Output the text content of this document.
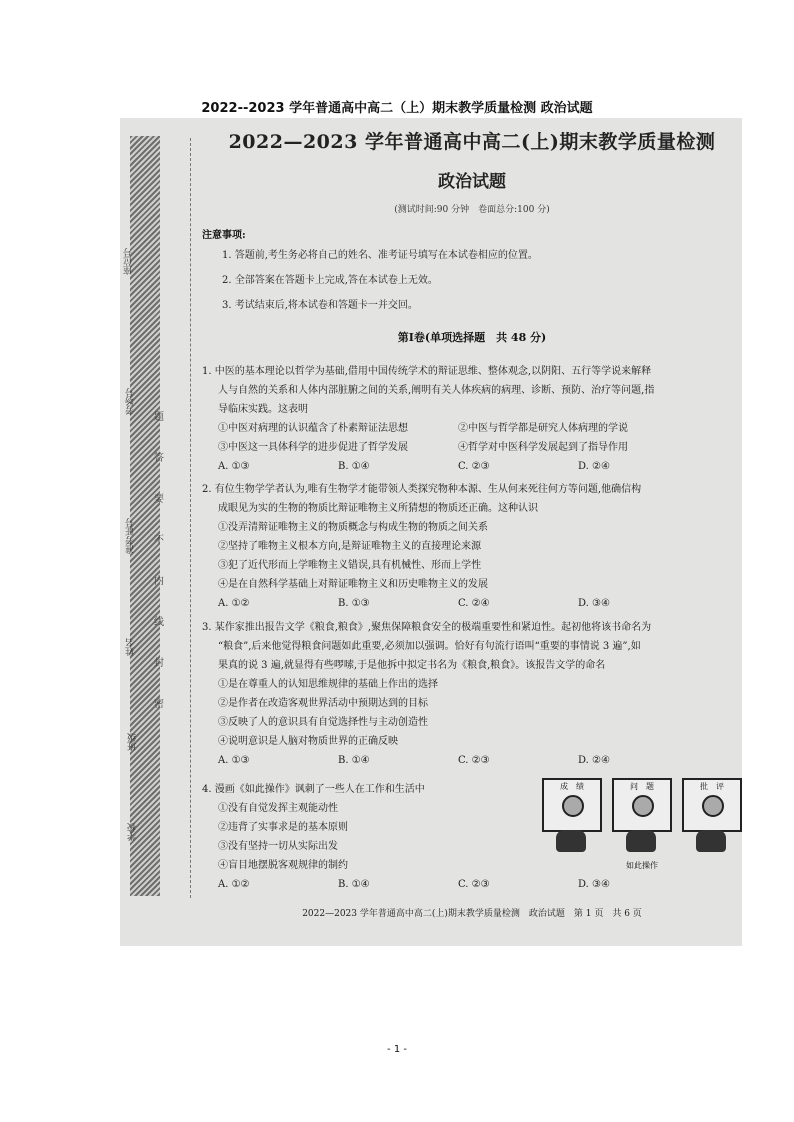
2022--2023 学年普通高中高二（上）期末教学质量检测 政治试题
座位号
考场号
准考证号
姓名
班级
学校
题
答
要
不
内
线
封
密
2022—2023 学年普通高中高二(上)期末教学质量检测
政治试题
(测试时间:90 分钟　卷面总分:100 分)
注意事项:
1. 答题前,考生务必将自己的姓名、准考证号填写在本试卷相应的位置。
2. 全部答案在答题卡上完成,答在本试卷上无效。
3. 考试结束后,将本试卷和答题卡一并交回。
第Ⅰ卷(单项选择题　共 48 分)

1. 中医的基本理论以哲学为基础,借用中国传统学术的辩证思维、整体观念,以阴阳、五行等学说来解释

人与自然的关系和人体内部脏腑之间的关系,阐明有关人体疾病的病理、诊断、预防、治疗等问题,指

导临床实践。这表明

①中医对病理的认识蕴含了朴素辩证法思想	②中医与哲学都是研究人体病理的学说
③中医这一具体科学的进步促进了哲学发展	④哲学对中医科学发展起到了指导作用
A. ①③	B. ①④	C. ②③	D. ②④

2. 有位生物学学者认为,唯有生物学才能带领人类探究物种本源、生从何来死往何方等问题,他确信构

成眼见为实的生物的物质比辩证唯物主义所猜想的物质还正确。这种认识

①没弄清辩证唯物主义的物质概念与构成生物的物质之间关系

②坚持了唯物主义根本方向,是辩证唯物主义的直接理论来源

③犯了近代形而上学唯物主义错误,具有机械性、形而上学性

④是在自然科学基础上对辩证唯物主义和历史唯物主义的发展

A. ①②	B. ①③	C. ②④	D. ③④

3. 某作家推出报告文学《粮食,粮食》,聚焦保障粮食安全的极端重要性和紧迫性。起初他将该书命名为

“粮食”,后来他觉得粮食问题如此重要,必须加以强调。恰好有句流行语叫“重要的事情说 3 遍”,如

果真的说 3 遍,就显得有些啰嗦,于是他拆中拟定书名为《粮食,粮食》。该报告文学的命名

①是在尊重人的认知思维规律的基础上作出的选择

②是作者在改造客观世界活动中预期达到的目标

③反映了人的意识具有自觉选择性与主动创造性

④说明意识是人脑对物质世界的正确反映

A. ①③	B. ①④	C. ②③	D. ②④

4. 漫画《如此操作》讽刺了一些人在工作和生活中

①没有自觉发挥主观能动性

②违背了实事求是的基本原则

③没有坚持一切从实际出发

④盲目地摆脱客观规律的制约

A. ①②	B. ①④	C. ②③	D. ③④
成　绩	问　题	批　评
如此操作
2022—2023 学年普通高中高二(上)期末教学质量检测　政治试题　第 1 页　共 6 页
- 1 -
